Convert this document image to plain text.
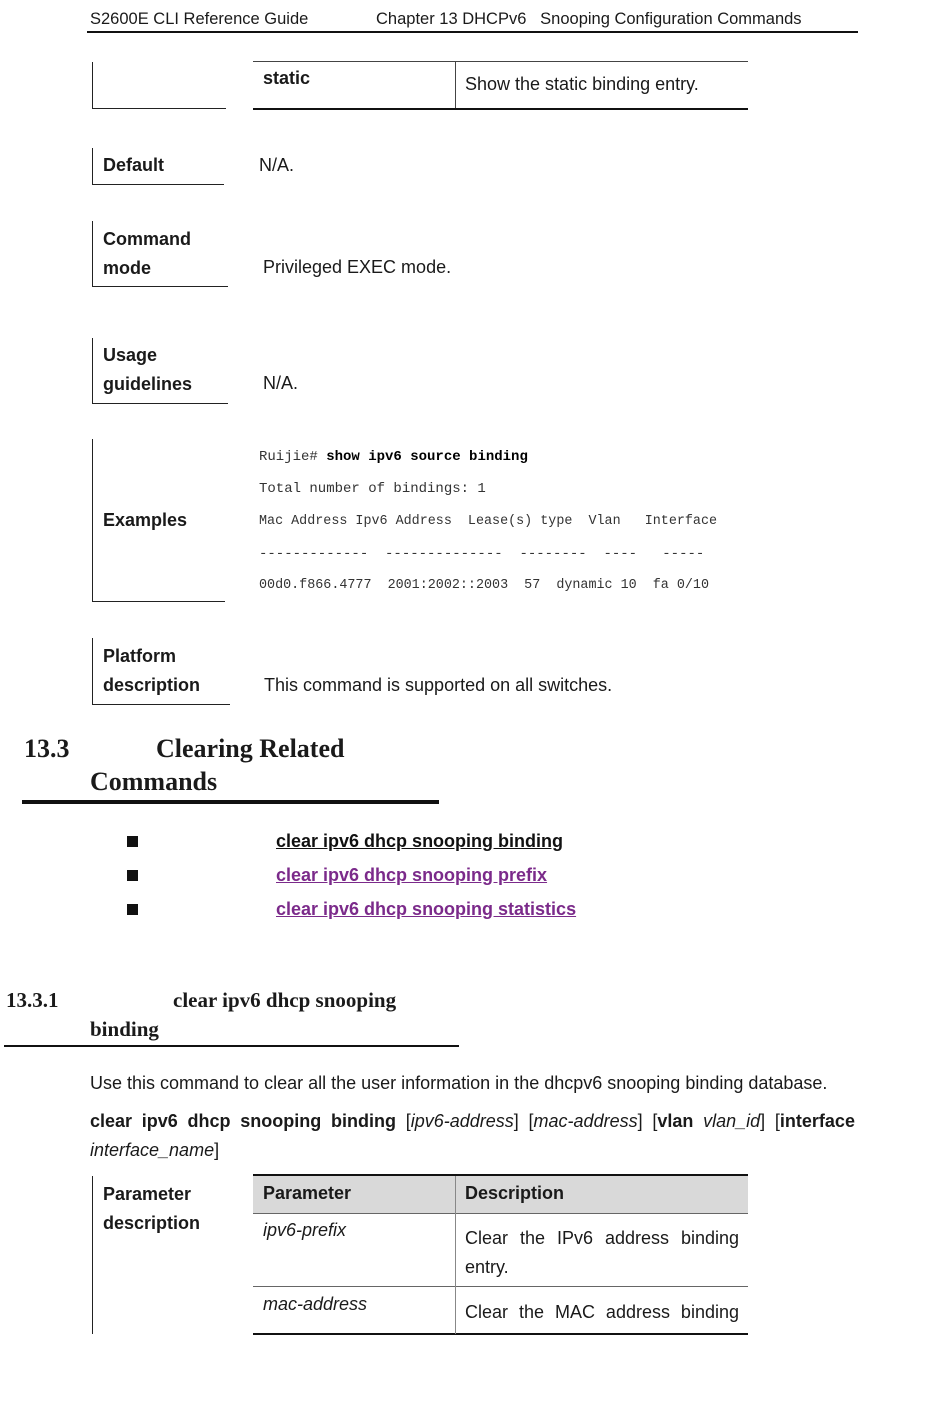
S2600E CLI Reference Guide	Chapter 13 DHCPv6   Snooping Configuration Commands
static	Show the static binding entry.
Default	N/A.
Command
mode	Privileged EXEC mode.
Usage
guidelines	N/A.
Examples
Ruijie# show ipv6 source binding
Total number of bindings: 1
Mac Address Ipv6 Address  Lease(s) type  Vlan   Interface
-------------  --------------  --------  ----   -----
00d0.f866.4777  2001:2002::2003  57  dynamic 10  fa 0/10
Platform
description	This command is supported on all switches.
13.3	Clearing Related
Commands
clear ipv6 dhcp snooping binding
clear ipv6 dhcp snooping prefix
clear ipv6 dhcp snooping statistics
13.3.1	clear ipv6 dhcp snooping
binding
Use this command to clear all the user information in the dhcpv6 snooping binding database.
clear ipv6 dhcp snooping binding [ipv6-address] [mac-address] [vlan vlan_id] [interface
interface_name]
Parameter
description
Parameter	Description
ipv6-prefix	Clear the IPv6 address binding
entry.
mac-address	Clear the MAC address binding
